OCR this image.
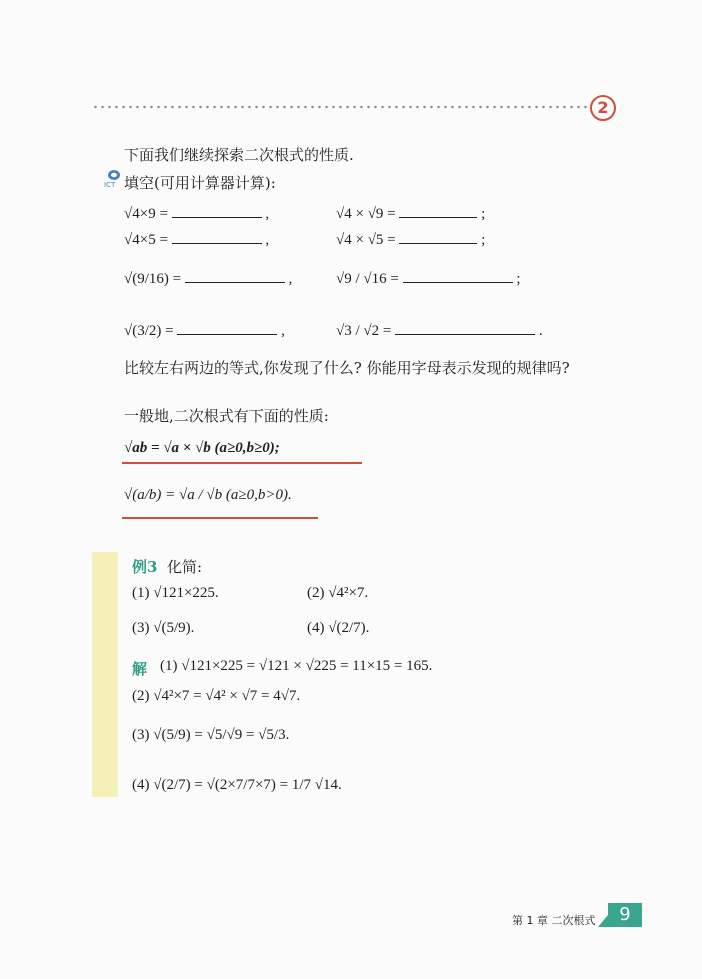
2
下面我们继续探索二次根式的性质.
ICT 填空(可用计算器计算):
√4×9 =	,	√4 × √9 =	;
√4×5 =	,	√4 × √5 =	;
√(9/16) =	,	√9 / √16 =	;
√(3/2) =	,	√3 / √2 =	.
比较左右两边的等式,你发现了什么? 你能用字母表示发现的规律吗?
一般地,二次根式有下面的性质:
√ab = √a × √b (a≥0,b≥0);
√(a/b) = √a / √b (a≥0,b>0).
例3 化简:
(1) √121×225.	(2) √4²×7.
(3) √(5/9).	(4) √(2/7).
解 (1) √121×225 = √121 × √225 = 11×15 = 165.
(2) √4²×7 = √4² × √7 = 4√7.
(3) √(5/9) = √5/√9 = √5/3.
(4) √(2/7) = √(2×7/7×7) = 1/7 √14.
第 1 章 二次根式	9
